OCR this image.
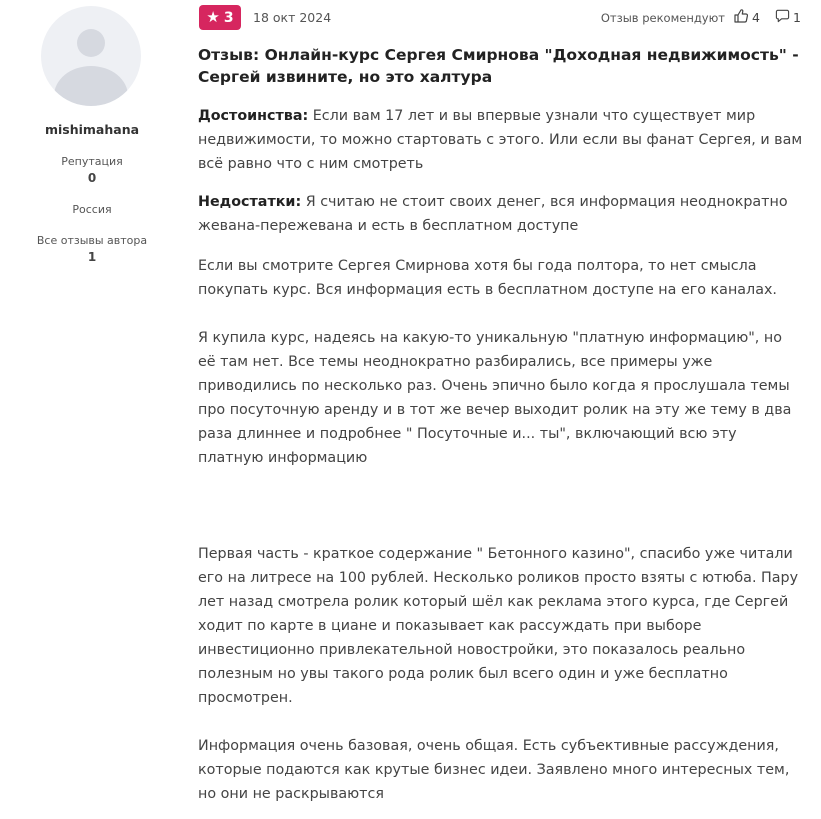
mishimahana
Репутация
0
Россия
Все отзывы автора
1
★ 3 18 окт 2024	Отзыв рекомендуют 4	1
Отзыв: Онлайн-курс Сергея Смирнова "Доходная недвижимость" - Сергей извините, но это халтура

Достоинства: Если вам 17 лет и вы впервые узнали что существует мир недвижимости, то можно стартовать с этого. Или если вы фанат Сергея, и вам всё равно что с ним смотреть

Недостатки: Я считаю не стоит своих денег, вся информация неоднократно жевана-пережевана и есть в бесплатном доступе

Если вы смотрите Сергея Смирнова хотя бы года полтора, то нет смысла покупать курс. Вся информация есть в бесплатном доступе на его каналах.

Я купила курс, надеясь на какую-то уникальную "платную информацию", но её там нет. Все темы неоднократно разбирались, все примеры уже приводились по несколько раз. Очень эпично было когда я прослушала темы про посуточную аренду и в тот же вечер выходит ролик на эту же тему в два раза длиннее и подробнее " Посуточные и... ты", включающий всю эту платную информацию

Первая часть - краткое содержание " Бетонного казино", спасибо уже читали его на литресе на 100 рублей. Несколько роликов просто взяты с ютюба. Пару лет назад смотрела ролик который шёл как реклама этого курса, где Сергей ходит по карте в циане и показывает как рассуждать при выборе инвестиционно привлекательной новостройки, это показалось реально полезным но увы такого рода ролик был всего один и уже бесплатно просмотрен.

Информация очень базовая, очень общая. Есть субъективные рассуждения, которые подаются как крутые бизнес идеи. Заявлено много интересных тем, но они не раскрываются
